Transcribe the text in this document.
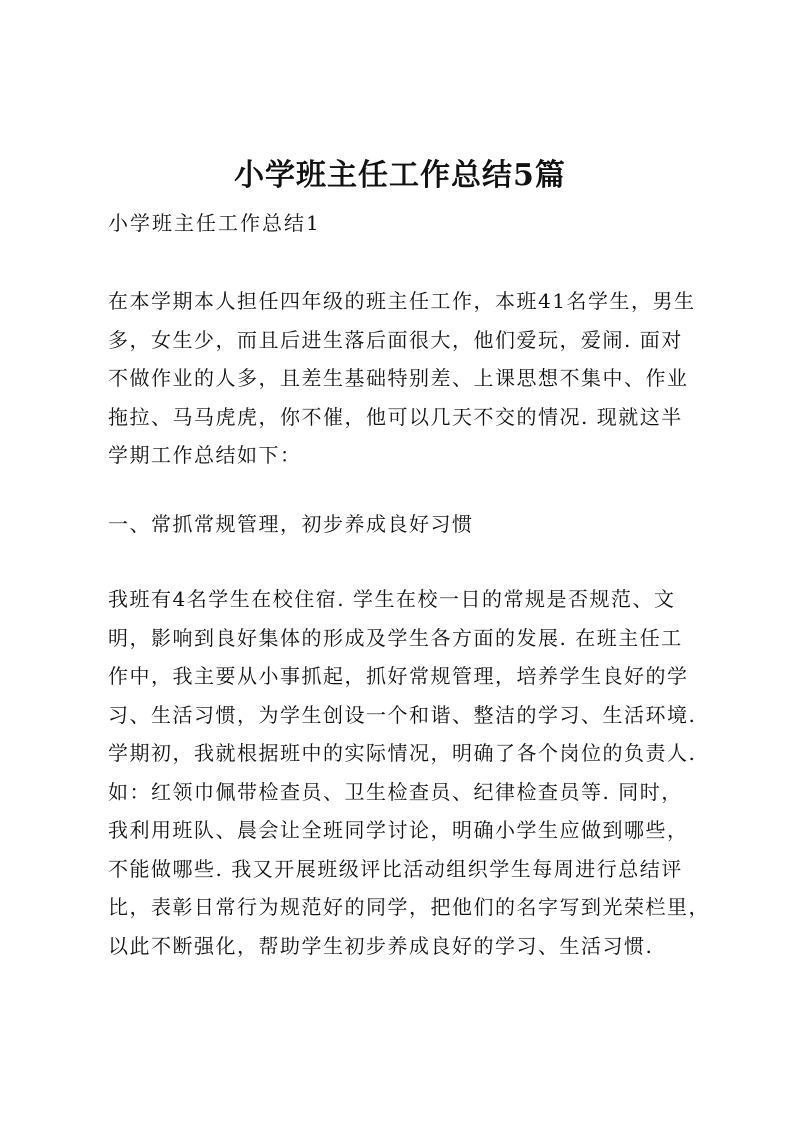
小学班主任工作总结5篇
小学班主任工作总结1
在本学期本人担任四年级的班主任工作，本班41名学生，男生
多，女生少，而且后进生落后面很大，他们爱玩，爱闹. 面对
不做作业的人多，且差生基础特别差、上课思想不集中、作业
拖拉、马马虎虎，你不催，他可以几天不交的情况. 现就这半
学期工作总结如下：
一、常抓常规管理，初步养成良好习惯
我班有4名学生在校住宿. 学生在校一日的常规是否规范、文
明，影响到良好集体的形成及学生各方面的发展. 在班主任工
作中，我主要从小事抓起，抓好常规管理，培养学生良好的学
习、生活习惯，为学生创设一个和谐、整洁的学习、生活环境.
学期初，我就根据班中的实际情况，明确了各个岗位的负责人.
如：红领巾佩带检查员、卫生检查员、纪律检查员等. 同时，
我利用班队、晨会让全班同学讨论，明确小学生应做到哪些，
不能做哪些. 我又开展班级评比活动组织学生每周进行总结评
比，表彰日常行为规范好的同学，把他们的名字写到光荣栏里，
以此不断强化，帮助学生初步养成良好的学习、生活习惯.
